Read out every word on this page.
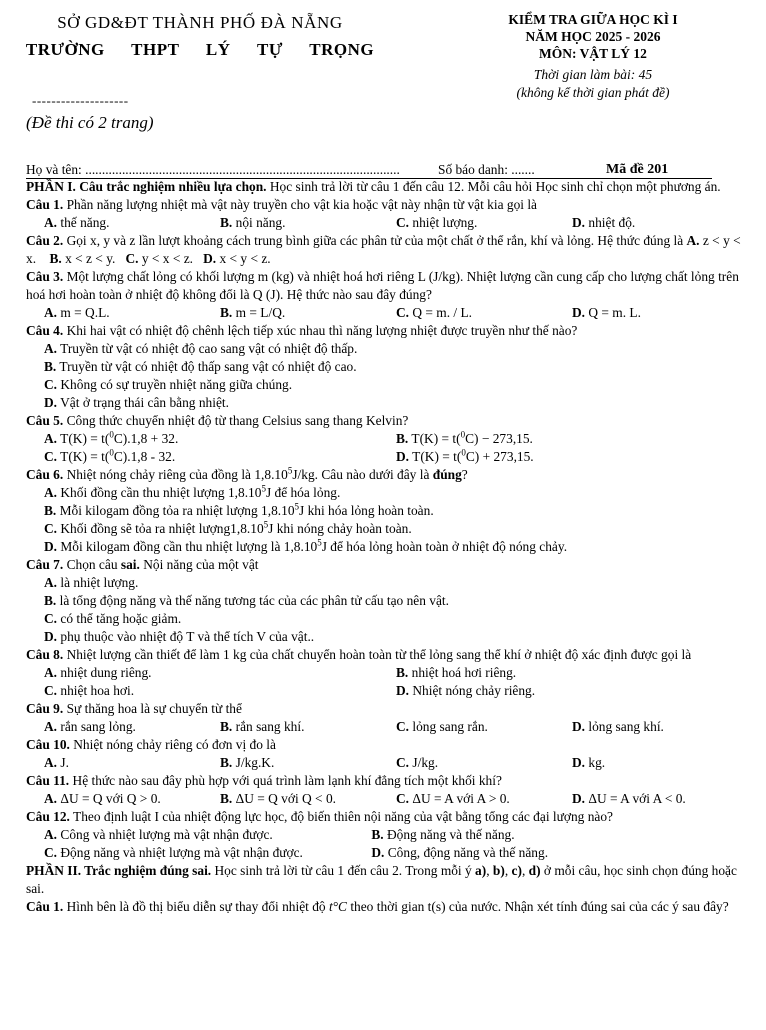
SỞ GD&ĐT THÀNH PHỐ ĐÀ NẴNG
TRƯỜNG THPT LÝ TỰ TRỌNG
KIỂM TRA GIỮA HỌC KÌ I
NĂM HỌC 2025 - 2026
MÔN: VẬT LÝ 12
Thời gian làm bài: 45
(không kể thời gian phát đề)
--------------------
(Đề thi có 2 trang)
Họ và tên: ..............................................................................................	Số báo danh: .......	Mã đề 201

PHẦN I. Câu trắc nghiệm nhiều lựa chọn. Học sinh trả lời từ câu 1 đến câu 12. Mỗi câu hỏi Học sinh chỉ chọn một phương án.

Câu 1. Phần năng lượng nhiệt mà vật này truyền cho vật kia hoặc vật này nhận từ vật kia gọi là

A. thế năng.	B. nội năng.	C. nhiệt lượng.	D. nhiệt độ.

Câu 2. Gọi x, y và z lần lượt khoảng cách trung bình giữa các phân tử của một chất ở thể rắn, khí và lỏng. Hệ thức đúng là A. z < y < x. B. x < z < y. C. y < x < z. D. x < y < z.

Câu 3. Một lượng chất lỏng có khối lượng m (kg) và nhiệt hoá hơi riêng L (J/kg). Nhiệt lượng cần cung cấp cho lượng chất lỏng trên hoá hơi hoàn toàn ở nhiệt độ không đổi là Q (J). Hệ thức nào sau đây đúng?

A. m = Q.L.	B. m = L/Q.	C. Q = m. / L.	D. Q = m. L.

Câu 4. Khi hai vật có nhiệt độ chênh lệch tiếp xúc nhau thì năng lượng nhiệt được truyền như thế nào?

A. Truyền từ vật có nhiệt độ cao sang vật có nhiệt độ thấp.

B. Truyền từ vật có nhiệt độ thấp sang vật có nhiệt độ cao.

C. Không có sự truyền nhiệt năng giữa chúng.

D. Vật ở trạng thái cân bằng nhiệt.

Câu 5. Công thức chuyển nhiệt độ từ thang Celsius sang thang Kelvin?

A. T(K) = t($^0$C).1,8 + 32.	B. T(K) = t($^0$C) − 273,15.
C. T(K) = t($^0$C).1,8 - 32.	D. T(K) = t($^0$C) + 273,15.

Câu 6. Nhiệt nóng chảy riêng của đồng là 1,8.10$^5$J/kg. Câu nào dưới đây là đúng?

A. Khối đồng cần thu nhiệt lượng 1,8.10$^5$J để hóa lỏng.

B. Mỗi kilogam đồng tỏa ra nhiệt lượng 1,8.10$^5$J khi hóa lỏng hoàn toàn.

C. Khối đồng sẽ tỏa ra nhiệt lượng1,8.10$^5$J khi nóng chảy hoàn toàn.

D. Mỗi kilogam đồng cần thu nhiệt lượng là 1,8.10$^5$J để hóa lỏng hoàn toàn ở nhiệt độ nóng chảy.

Câu 7. Chọn câu sai. Nội năng của một vật

A. là nhiệt lượng.

B. là tổng động năng và thế năng tương tác của các phân tử cấu tạo nên vật.

C. có thể tăng hoặc giảm.

D. phụ thuộc vào nhiệt độ T và thể tích V của vật..

Câu 8. Nhiệt lượng cần thiết để làm 1 kg của chất chuyển hoàn toàn từ thể lỏng sang thể khí ở nhiệt độ xác định được gọi là

A. nhiệt dung riêng.	B. nhiệt hoá hơi riêng.
C. nhiệt hoa hơi.	D. Nhiệt nóng chảy riêng.

Câu 9. Sự thăng hoa là sự chuyển từ thể

A. rắn sang lỏng.	B. rắn sang khí.	C. lỏng sang rắn.	D. lỏng sang khí.

Câu 10. Nhiệt nóng chảy riêng có đơn vị đo là

A. J.	B. J/kg.K.	C. J/kg.	D. kg.

Câu 11. Hệ thức nào sau đây phù hợp với quá trình làm lạnh khí đẳng tích một khối khí?

A. ΔU = Q với Q > 0.	B. ΔU = Q với Q < 0.	C. ΔU = A với A > 0.	D. ΔU = A với A < 0.

Câu 12. Theo định luật I của nhiệt động lực học, độ biến thiên nội năng của vật bằng tổng các đại lượng nào?

A. Công và nhiệt lượng mà vật nhận được.	B. Động năng và thế năng.
C. Động năng và nhiệt lượng mà vật nhận được.	D. Công, động năng và thế năng.

PHẦN II. Trắc nghiệm đúng sai. Học sinh trả lời từ câu 1 đến câu 2. Trong mỗi ý a), b), c), d) ở mỗi câu, học sinh chọn đúng hoặc sai.

Câu 1. Hình bên là đồ thị biểu diễn sự thay đổi nhiệt độ t°C theo thời gian t(s) của nước. Nhận xét tính đúng sai của các ý sau đây?
